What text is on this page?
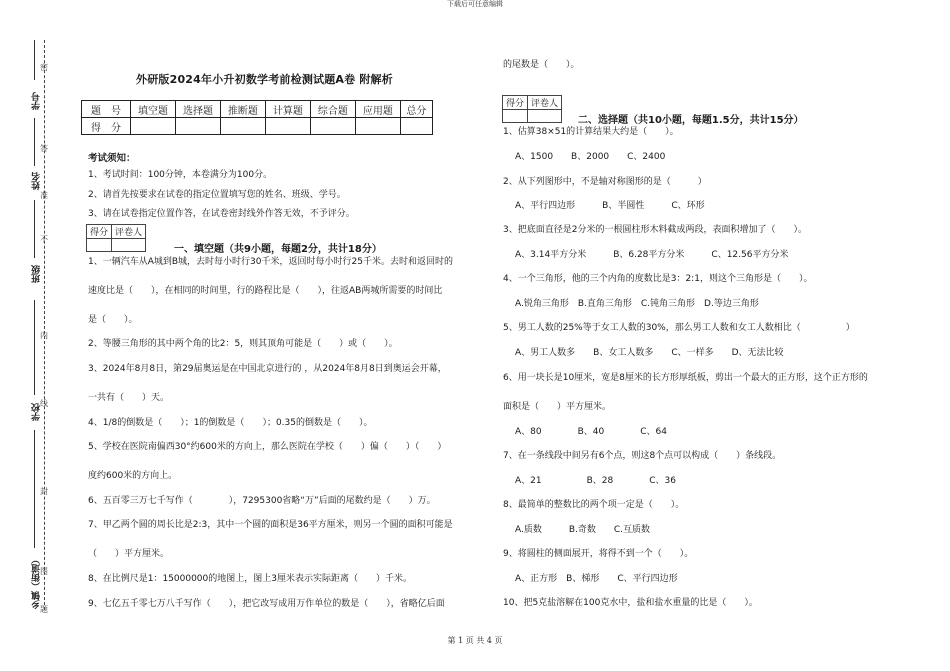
下载后可任意编辑
密
封
线
内
不
准
答
题
图
学号
姓名
班级
学校
乡镇（街道）
外研版2024年小升初数学考前检测试题A卷 附解析
题　号	填空题	选择题	推断题	计算题	综合题	应用题	总分
得　分							
考试须知：
1、考试时间：100分钟，本卷满分为100分。
2、请首先按要求在试卷的指定位置填写您的姓名、班级、学号。
3、请在试卷指定位置作答，在试卷密封线外作答无效，不予评分。
得分	评卷人

一、填空题（共9小题，每题2分，共计18分）
1、一辆汽车从A城到B城，去时每小时行30千米，返回时每小时行25千米。去时和返回时的
速度比是（　　），在相同的时间里，行的路程比是（　　），往返AB两城所需要的时间比
是（　　）。
2、等腰三角形的其中两个角的比2：5，则其顶角可能是（　　）或（　　）。
3、2024年8月8日，第29届奥运是在中国北京进行的 ，从2024年8月8日到奥运会开幕，
一共有（　　）天。
4、1/8的倒数是（　　）；1的倒数是（　　）；0.35的倒数是（　　）。
5、学校在医院南偏西30°约600米的方向上，那么医院在学校（　　）偏（　　）（　　）
度约600米的方向上。
6、五百零三万七千写作（　　　　），7295300省略“万”后面的尾数约是（　　）万。
7、甲乙两个圆的周长比是2:3，其中一个圆的面积是36平方厘米，则另一个圆的面积可能是
（　　）平方厘米。
8、在比例尺是1：15000000的地图上，图上3厘米表示实际距离（　　）千米。
9、七亿五千零七万八千写作（　　），把它改写成用万作单位的数是（　　），省略亿后面
的尾数是（　　）。
得分	评卷人

二、选择题（共10小题，每题1.5分，共计15分）
1、估算38×51的计算结果大约是（　　）。
A、1500　　B、2000　　C、2400
2、从下列图形中，不是轴对称图形的是（　　　）
A、平行四边形　　　B、半圆性　　　C、环形
3、把底面直径是2分米的一根圆柱形木料截成两段，表面积增加了（　　）。
A、3.14平方分米　　　B、6.28平方分米　　　C、12.56平方分米
4、一个三角形，他的三个内角的度数比是3：2:1，则这个三角形是（　　）。
A.锐角三角形　B.直角三角形　C.钝角三角形　D.等边三角形
5、男工人数的25%等于女工人数的30%，那么男工人数和女工人数相比（　　　　　）
A、男工人数多　　B、女工人数多　　C、一样多　　D、无法比较
6、用一块长是10厘米，宽是8厘米的长方形厚纸板，剪出一个最大的正方形，这个正方形的
面积是（　　）平方厘米。
A、80　　　　B、40　　　　C、64
7、在一条线段中间另有6个点，则这8个点可以构成（　　）条线段。
A、21　　　　　B、28　　　　C、36
8、最简单的整数比的两个项一定是（　　）。
A.质数　　　B.奇数　　C.互质数
9、将圆柱的侧面展开，将得不到一个（　　）。
A、正方形　B、梯形　　C、平行四边形
10、把5克盐溶解在100克水中，盐和盐水重量的比是（　　）。
第 1 页 共 4 页
